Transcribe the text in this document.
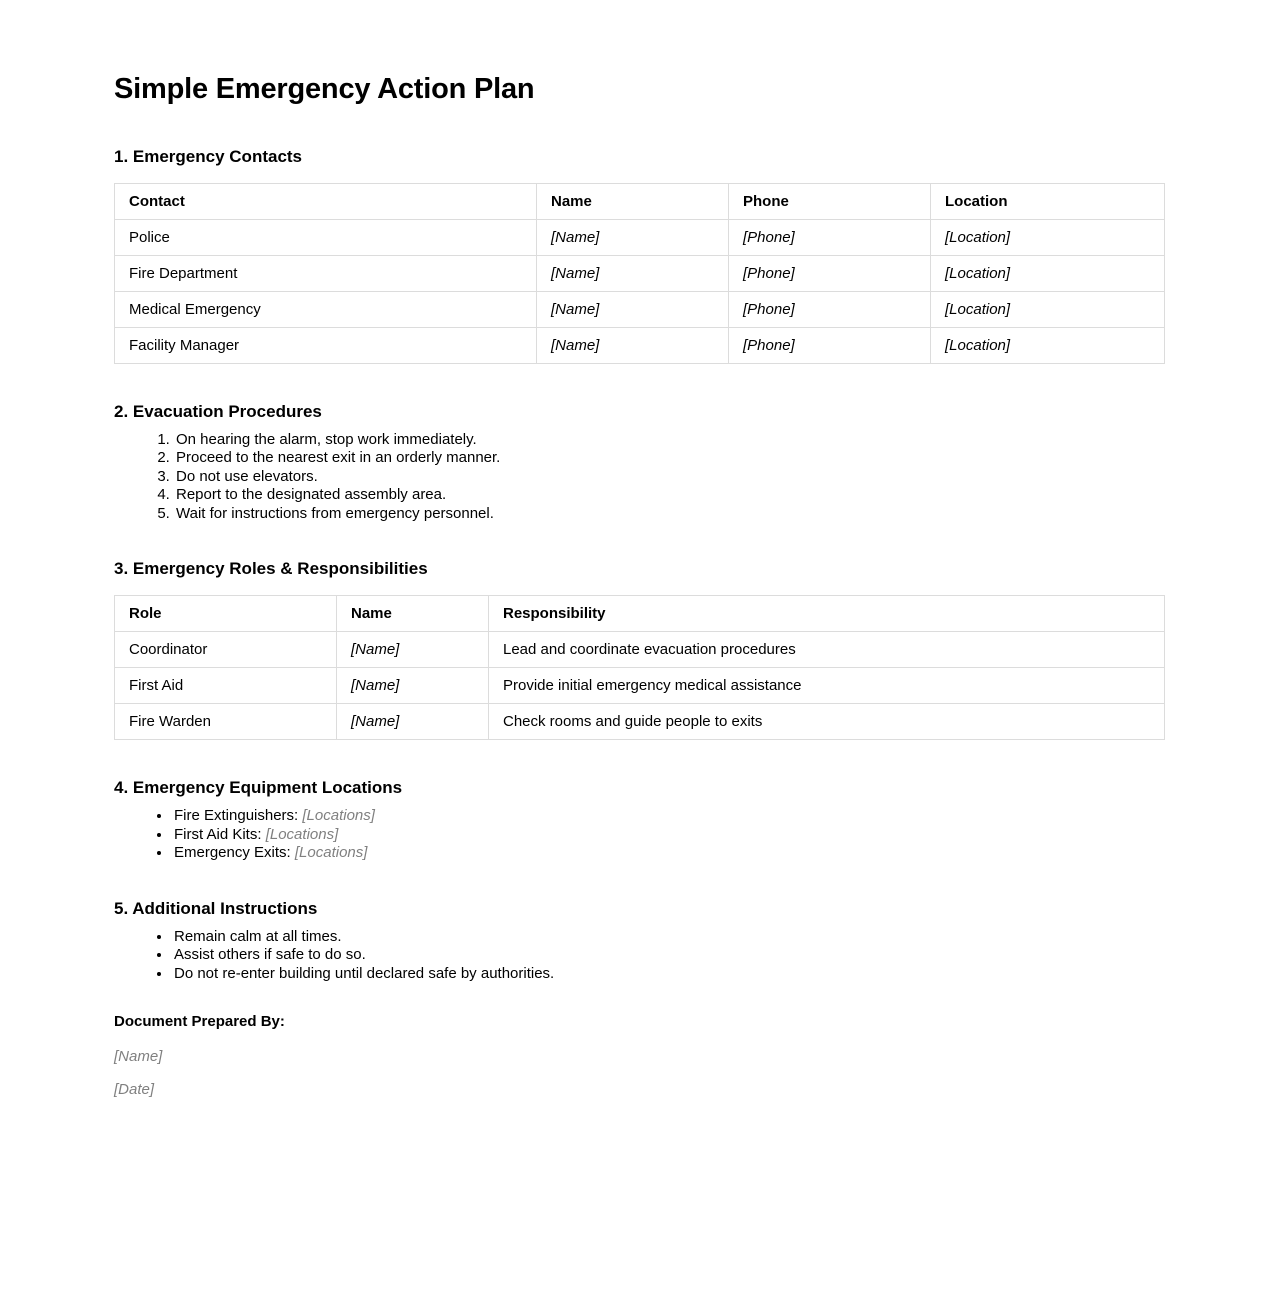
Simple Emergency Action Plan
1. Emergency Contacts
Contact	Name	Phone	Location
Police	[Name]	[Phone]	[Location]
Fire Department	[Name]	[Phone]	[Location]
Medical Emergency	[Name]	[Phone]	[Location]
Facility Manager	[Name]	[Phone]	[Location]
2. Evacuation Procedures
1. On hearing the alarm, stop work immediately.
2. Proceed to the nearest exit in an orderly manner.
3. Do not use elevators.
4. Report to the designated assembly area.
5. Wait for instructions from emergency personnel.
3. Emergency Roles & Responsibilities
Role	Name	Responsibility
Coordinator	[Name]	Lead and coordinate evacuation procedures
First Aid	[Name]	Provide initial emergency medical assistance
Fire Warden	[Name]	Check rooms and guide people to exits
4. Emergency Equipment Locations
• Fire Extinguishers: [Locations]
• First Aid Kits: [Locations]
• Emergency Exits: [Locations]
5. Additional Instructions
• Remain calm at all times.
• Assist others if safe to do so.
• Do not re-enter building until declared safe by authorities.

Document Prepared By:

[Name]

[Date]
